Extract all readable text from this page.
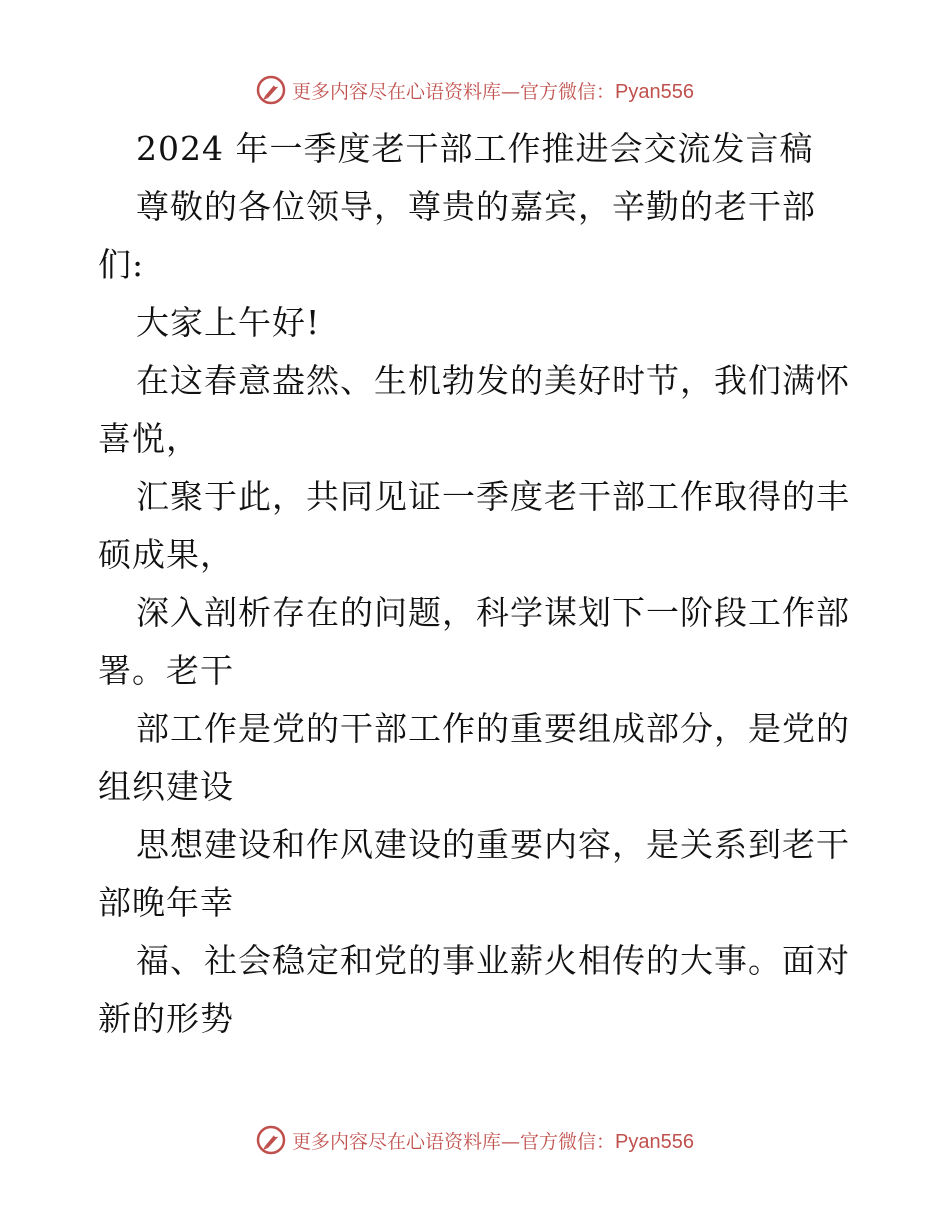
更多内容尽在心语资料库—官方微信：Pyan556
2024 年一季度老干部工作推进会交流发言稿
尊敬的各位领导，尊贵的嘉宾，辛勤的老干部
们:
大家上午好!
在这春意盎然、生机勃发的美好时节，我们满怀
喜悦，
汇聚于此，共同见证一季度老干部工作取得的丰
硕成果，
深入剖析存在的问题，科学谋划下一阶段工作部
署。老干
部工作是党的干部工作的重要组成部分，是党的
组织建设
思想建设和作风建设的重要内容，是关系到老干
部晚年幸
福、社会稳定和党的事业薪火相传的大事。面对
新的形势
更多内容尽在心语资料库—官方微信：Pyan556
